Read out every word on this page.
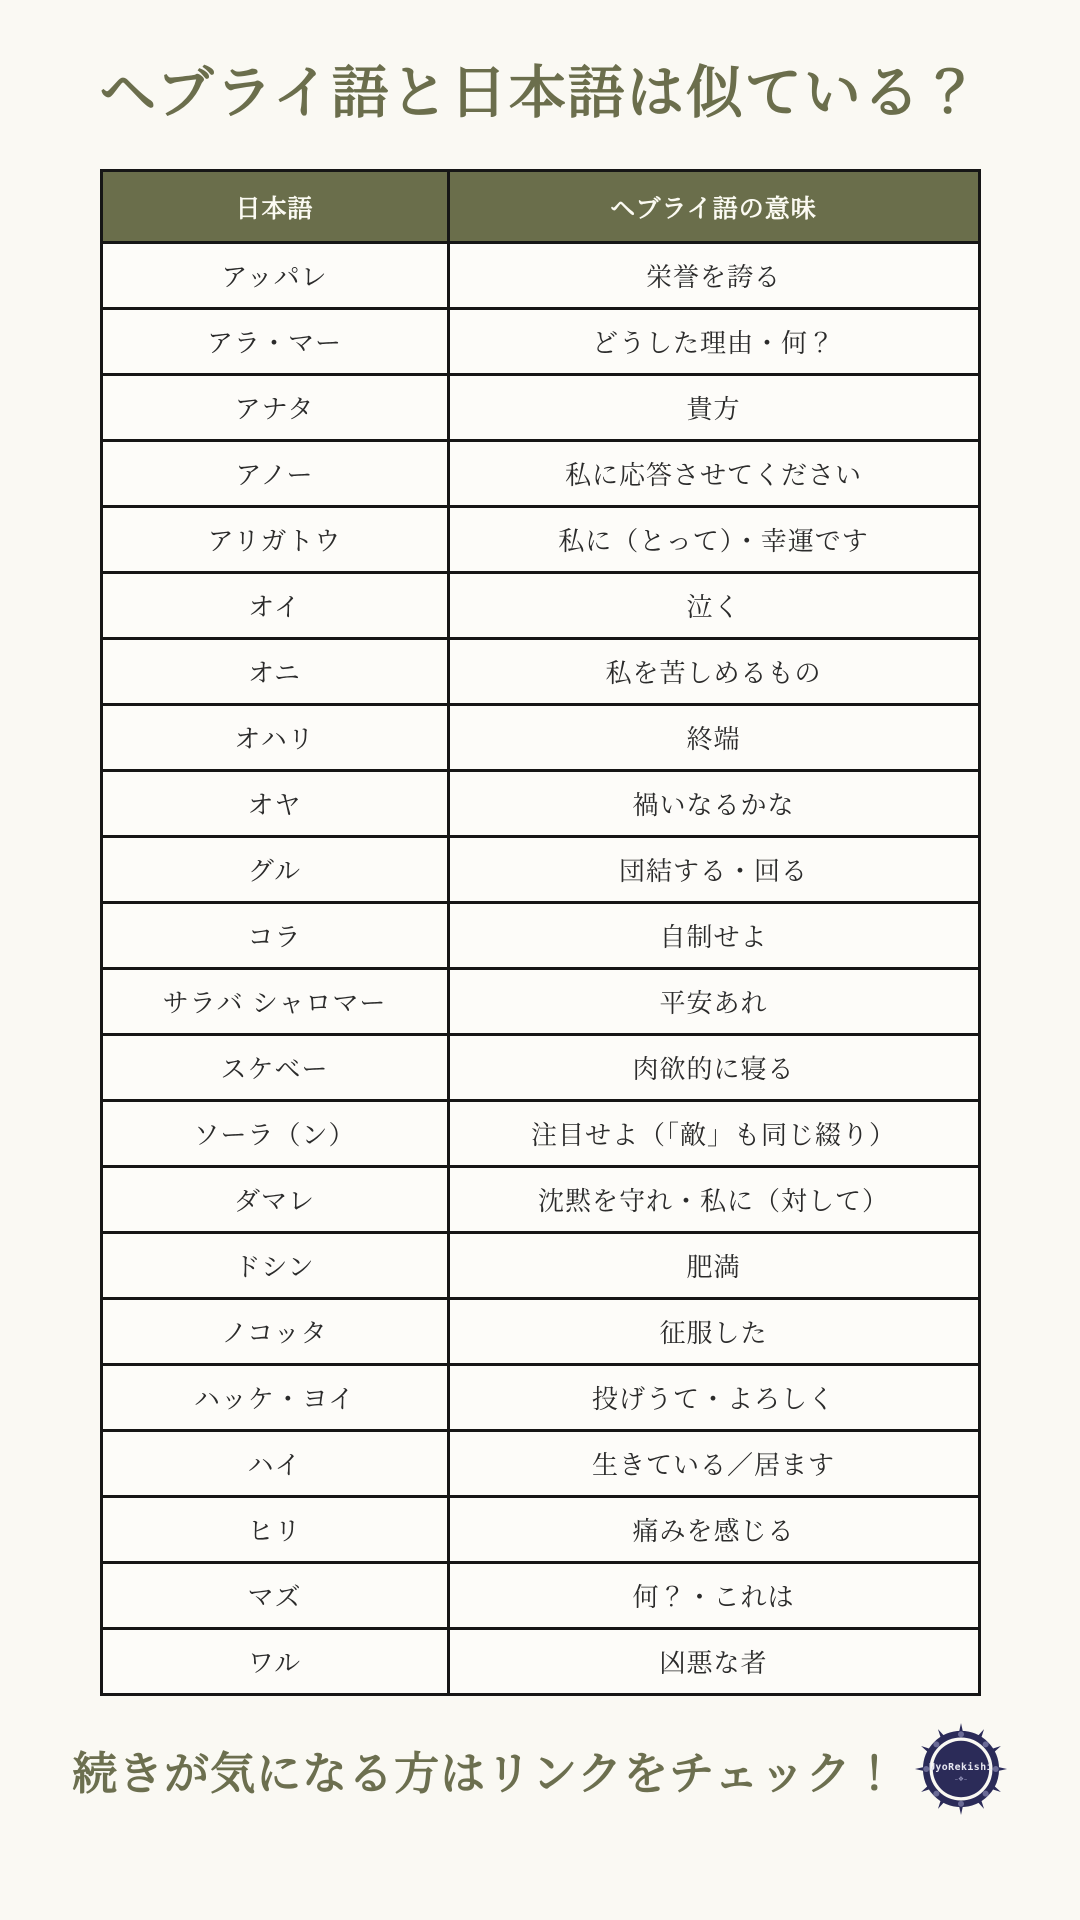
ヘブライ語と日本語は似ている？
日本語	ヘブライ語の意味
アッパレ	栄誉を誇る
アラ・マー	どうした理由・何？
アナタ	貴方
アノー	私に応答させてください
アリガトウ	私に（とって）・幸運です
オイ	泣く
オニ	私を苦しめるもの
オハリ	終端
オヤ	禍いなるかな
グル	団結する・回る
コラ	自制せよ
サラバ シャロマー	平安あれ
スケベー	肉欲的に寝る
ソーラ（ン）	注目せよ（「敵」も同じ綴り）
ダマレ	沈黙を守れ・私に（対して）
ドシン	肥満
ノコッタ	征服した
ハッケ・ヨイ	投げうて・よろしく
ハイ	生きている／居ます
ヒリ	痛みを感じる
マズ	何？・これは
ワル	凶悪な者
続きが気になる方はリンクをチェック！	UyoRekishi
–❖–
